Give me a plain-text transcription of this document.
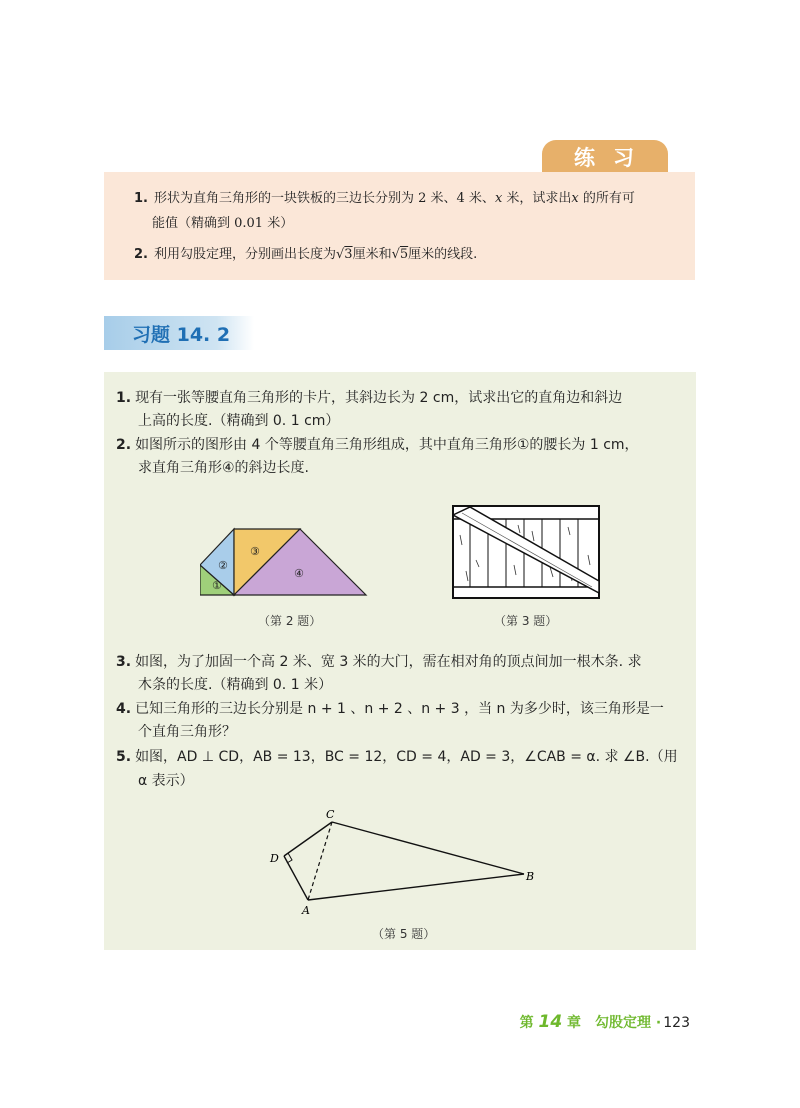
练习
1. 形状为直角三角形的一块铁板的三边长分别为 2 米、4 米、x 米，试求出x 的所有可
能值（精确到 0.01 米）
2. 利用勾股定理，分别画出长度为√3厘米和√5厘米的线段.
习题 14. 2
1. 现有一张等腰直角三角形的卡片，其斜边长为 2 cm，试求出它的直角边和斜边
上高的长度.（精确到 0. 1 cm）
2. 如图所示的图形由 4 个等腰直角三角形组成，其中直角三角形①的腰长为 1 cm，
求直角三角形④的斜边长度.
①
②
③
④
（第 2 题）	（第 3 题）
3. 如图，为了加固一个高 2 米、宽 3 米的大门，需在相对角的顶点间加一根木条. 求
木条的长度.（精确到 0. 1 米）
4. 已知三角形的三边长分别是 n + 1 、n + 2 、n + 3 ，当 n 为多少时，该三角形是一
个直角三角形？
5. 如图，AD ⊥ CD，AB = 13，BC = 12，CD = 4，AD = 3，∠CAB = α. 求 ∠B.（用
α 表示）
C
D
A
B
（第 5 题）
第 14 章　勾股定理 · 123
